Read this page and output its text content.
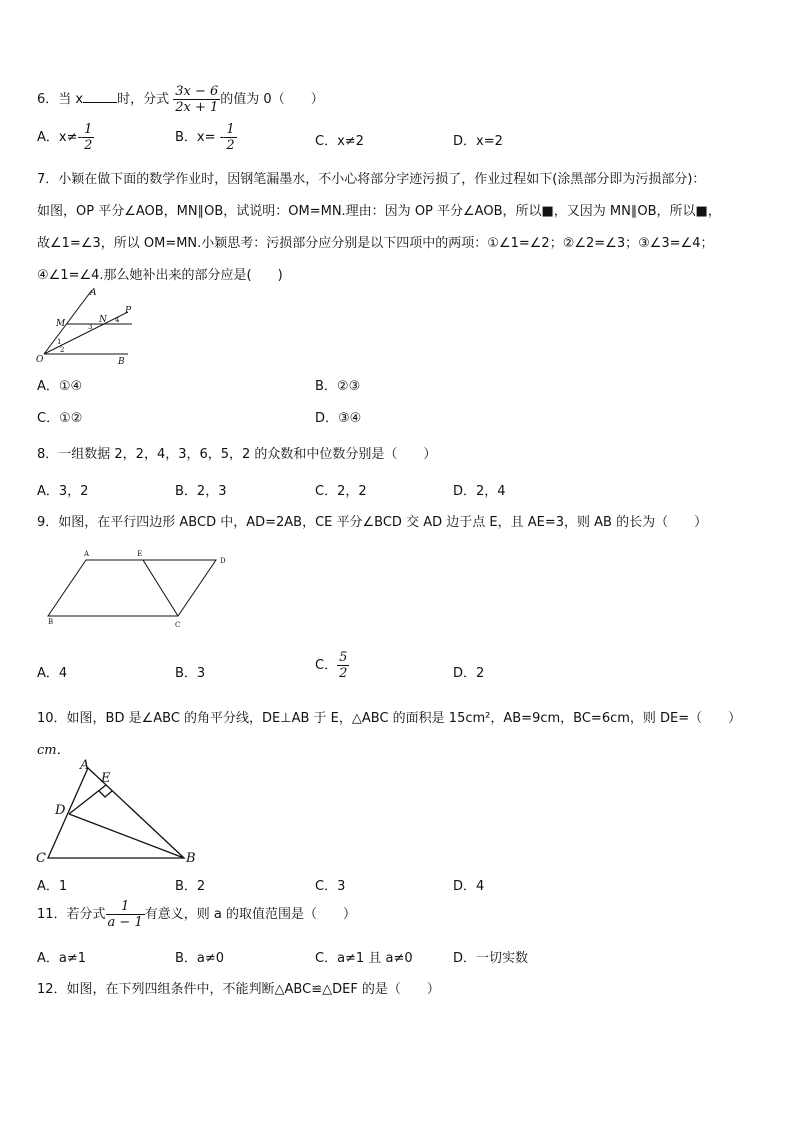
6．当 x	时，分式 $\frac{3x - 6}{2x + 1}$ 的值为 0（　　）
A．$x\ne- \frac{1}{2}$	B．$x= - \frac{1}{2}$	C．x≠2	D．x=2
7．小颖在做下面的数学作业时，因钢笔漏墨水，不小心将部分字迹污损了，作业过程如下(涂黑部分即为污损部分)：
如图，OP 平分∠AOB，MN∥OB，试说明：OM=MN.理由：因为 OP 平分∠AOB，所以■，又因为 MN∥OB，所以■，
故∠1=∠3，所以 OM=MN.小颖思考：污损部分应分别是以下四项中的两项：①∠1=∠2；②∠2=∠3；③∠3=∠4；
④∠1=∠4.那么她补出来的部分应是(　　)
A
M	N
P
O	B
1
2
3
4
A．①④	B．②③
C．①②	D．③④
8．一组数据 2，2，4，3，6，5，2 的众数和中位数分别是（　　）
A．3，2	B．2，3	C．2，2	D．2，4
9．如图，在平行四边形 ABCD 中，AD=2AB，CE 平分∠BCD 交 AD 边于点 E，且 AE=3，则 AB 的长为（　　）
A	E
D
B	C
A．4	B．3
C． $\frac{5}{2}$	D．2
10．如图，BD 是∠ABC 的角平分线，DE⊥AB 于 E，△ABC 的面积是 15cm²，AB=9cm，BC=6cm，则 DE=（　　）
cm．
A
E
D
C	B
A．1	B．2	C．3	D．4
11．若分式 $\frac{1}{a - 1}$ 有意义，则 a 的取值范围是（　　）
A．a≠1	B．a≠0	C．a≠1 且 a≠0	D．一切实数
12．如图，在下列四组条件中，不能判断△ABC≌△DEF 的是（　　）
